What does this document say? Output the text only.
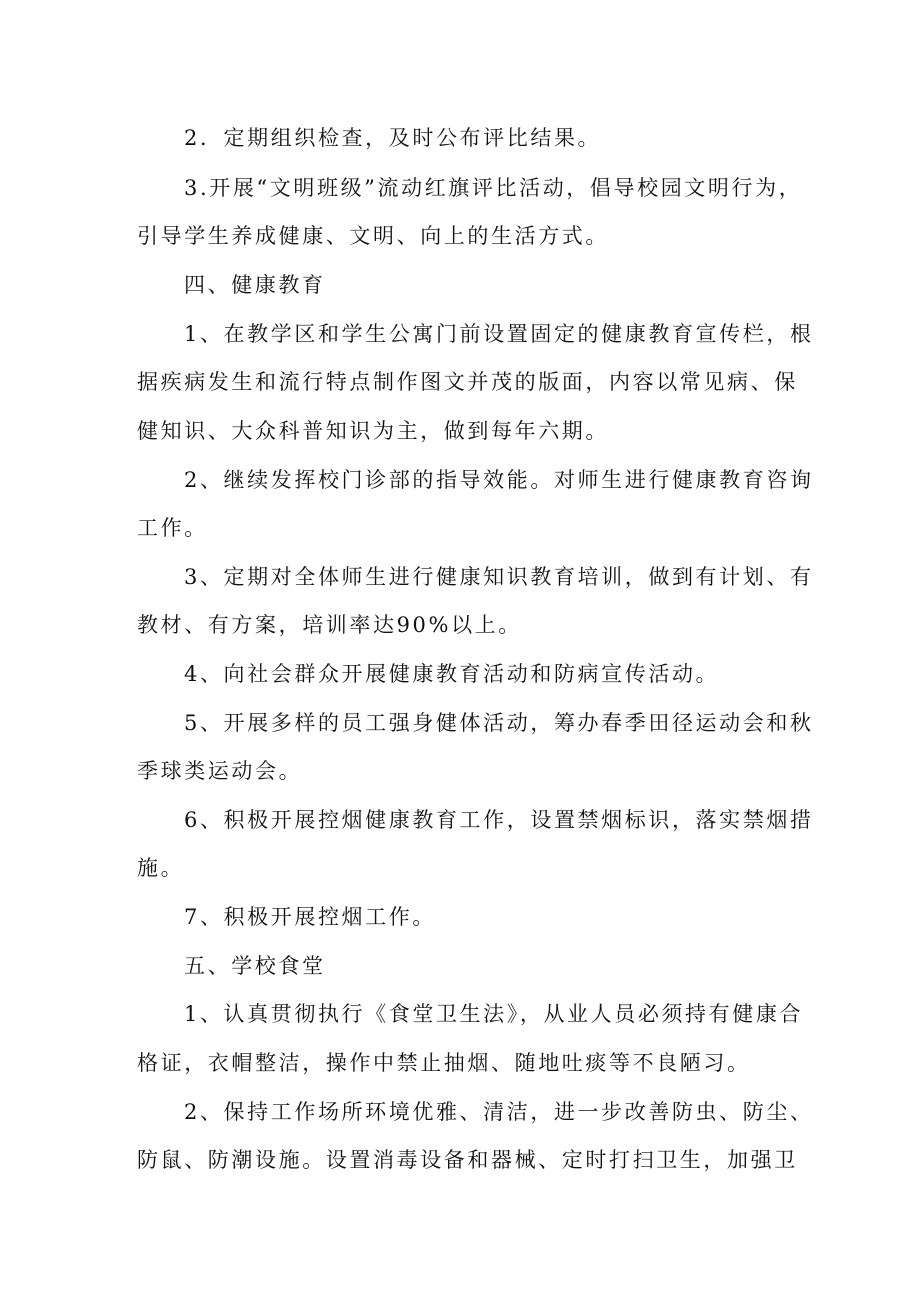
2．定期组织检查，及时公布评比结果。
3.开展“文明班级”流动红旗评比活动，倡导校园文明行为，
引导学生养成健康、文明、向上的生活方式。
四、健康教育
1、在教学区和学生公寓门前设置固定的健康教育宣传栏，根
据疾病发生和流行特点制作图文并茂的版面，内容以常见病、保
健知识、大众科普知识为主，做到每年六期。
2、继续发挥校门诊部的指导效能。对师生进行健康教育咨询
工作。
3、定期对全体师生进行健康知识教育培训，做到有计划、有
教材、有方案，培训率达90%以上。
4、向社会群众开展健康教育活动和防病宣传活动。
5、开展多样的员工强身健体活动，筹办春季田径运动会和秋
季球类运动会。
6、积极开展控烟健康教育工作，设置禁烟标识，落实禁烟措
施。
7、积极开展控烟工作。
五、学校食堂
1、认真贯彻执行《食堂卫生法》，从业人员必须持有健康合
格证，衣帽整洁，操作中禁止抽烟、随地吐痰等不良陋习。
2、保持工作场所环境优雅、清洁，进一步改善防虫、防尘、
防鼠、防潮设施。设置消毒设备和器械、定时打扫卫生，加强卫
